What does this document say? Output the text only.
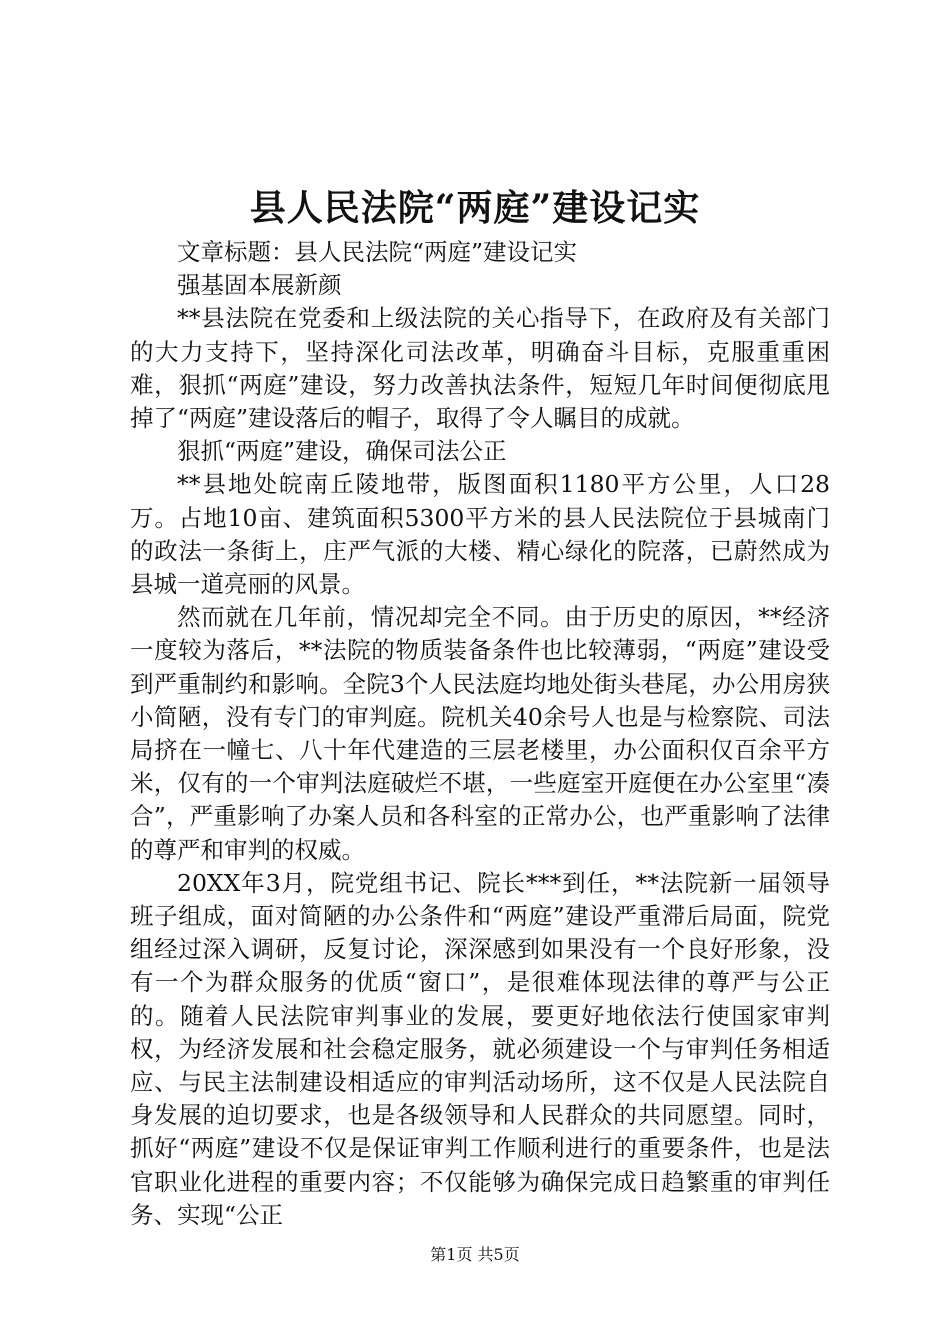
县人民法院“两庭”建设记实

文章标题：县人民法院“两庭”建设记实

强基固本展新颜

**县法院在党委和上级法院的关心指导下，在政府及有关部门的大力支持下，坚持深化司法改革，明确奋斗目标，克服重重困难，狠抓“两庭”建设，努力改善执法条件，短短几年时间便彻底甩掉了“两庭”建设落后的帽子，取得了令人瞩目的成就。

狠抓“两庭”建设，确保司法公正

**县地处皖南丘陵地带，版图面积1180平方公里，人口28万。占地10亩、建筑面积5300平方米的县人民法院位于县城南门的政法一条街上，庄严气派的大楼、精心绿化的院落，已蔚然成为县城一道亮丽的风景。

然而就在几年前，情况却完全不同。由于历史的原因，**经济一度较为落后，**法院的物质装备条件也比较薄弱，“两庭”建设受到严重制约和影响。全院3个人民法庭均地处街头巷尾，办公用房狭小简陋，没有专门的审判庭。院机关40余号人也是与检察院、司法局挤在一幢七、八十年代建造的三层老楼里，办公面积仅百余平方米，仅有的一个审判法庭破烂不堪，一些庭室开庭便在办公室里“凑合”，严重影响了办案人员和各科室的正常办公，也严重影响了法律的尊严和审判的权威。

20XX年3月，院党组书记、院长***到任，**法院新一届领导班子组成，面对简陋的办公条件和“两庭”建设严重滞后局面，院党组经过深入调研，反复讨论，深深感到如果没有一个良好形象，没有一个为群众服务的优质“窗口”，是很难体现法律的尊严与公正的。随着人民法院审判事业的发展，要更好地依法行使国家审判权，为经济发展和社会稳定服务，就必须建设一个与审判任务相适应、与民主法制建设相适应的审判活动场所，这不仅是人民法院自身发展的迫切要求，也是各级领导和人民群众的共同愿望。同时，抓好“两庭”建设不仅是保证审判工作顺利进行的重要条件，也是法官职业化进程的重要内容；不仅能够为确保完成日趋繁重的审判任务、实现“公正

第1页 共5页
